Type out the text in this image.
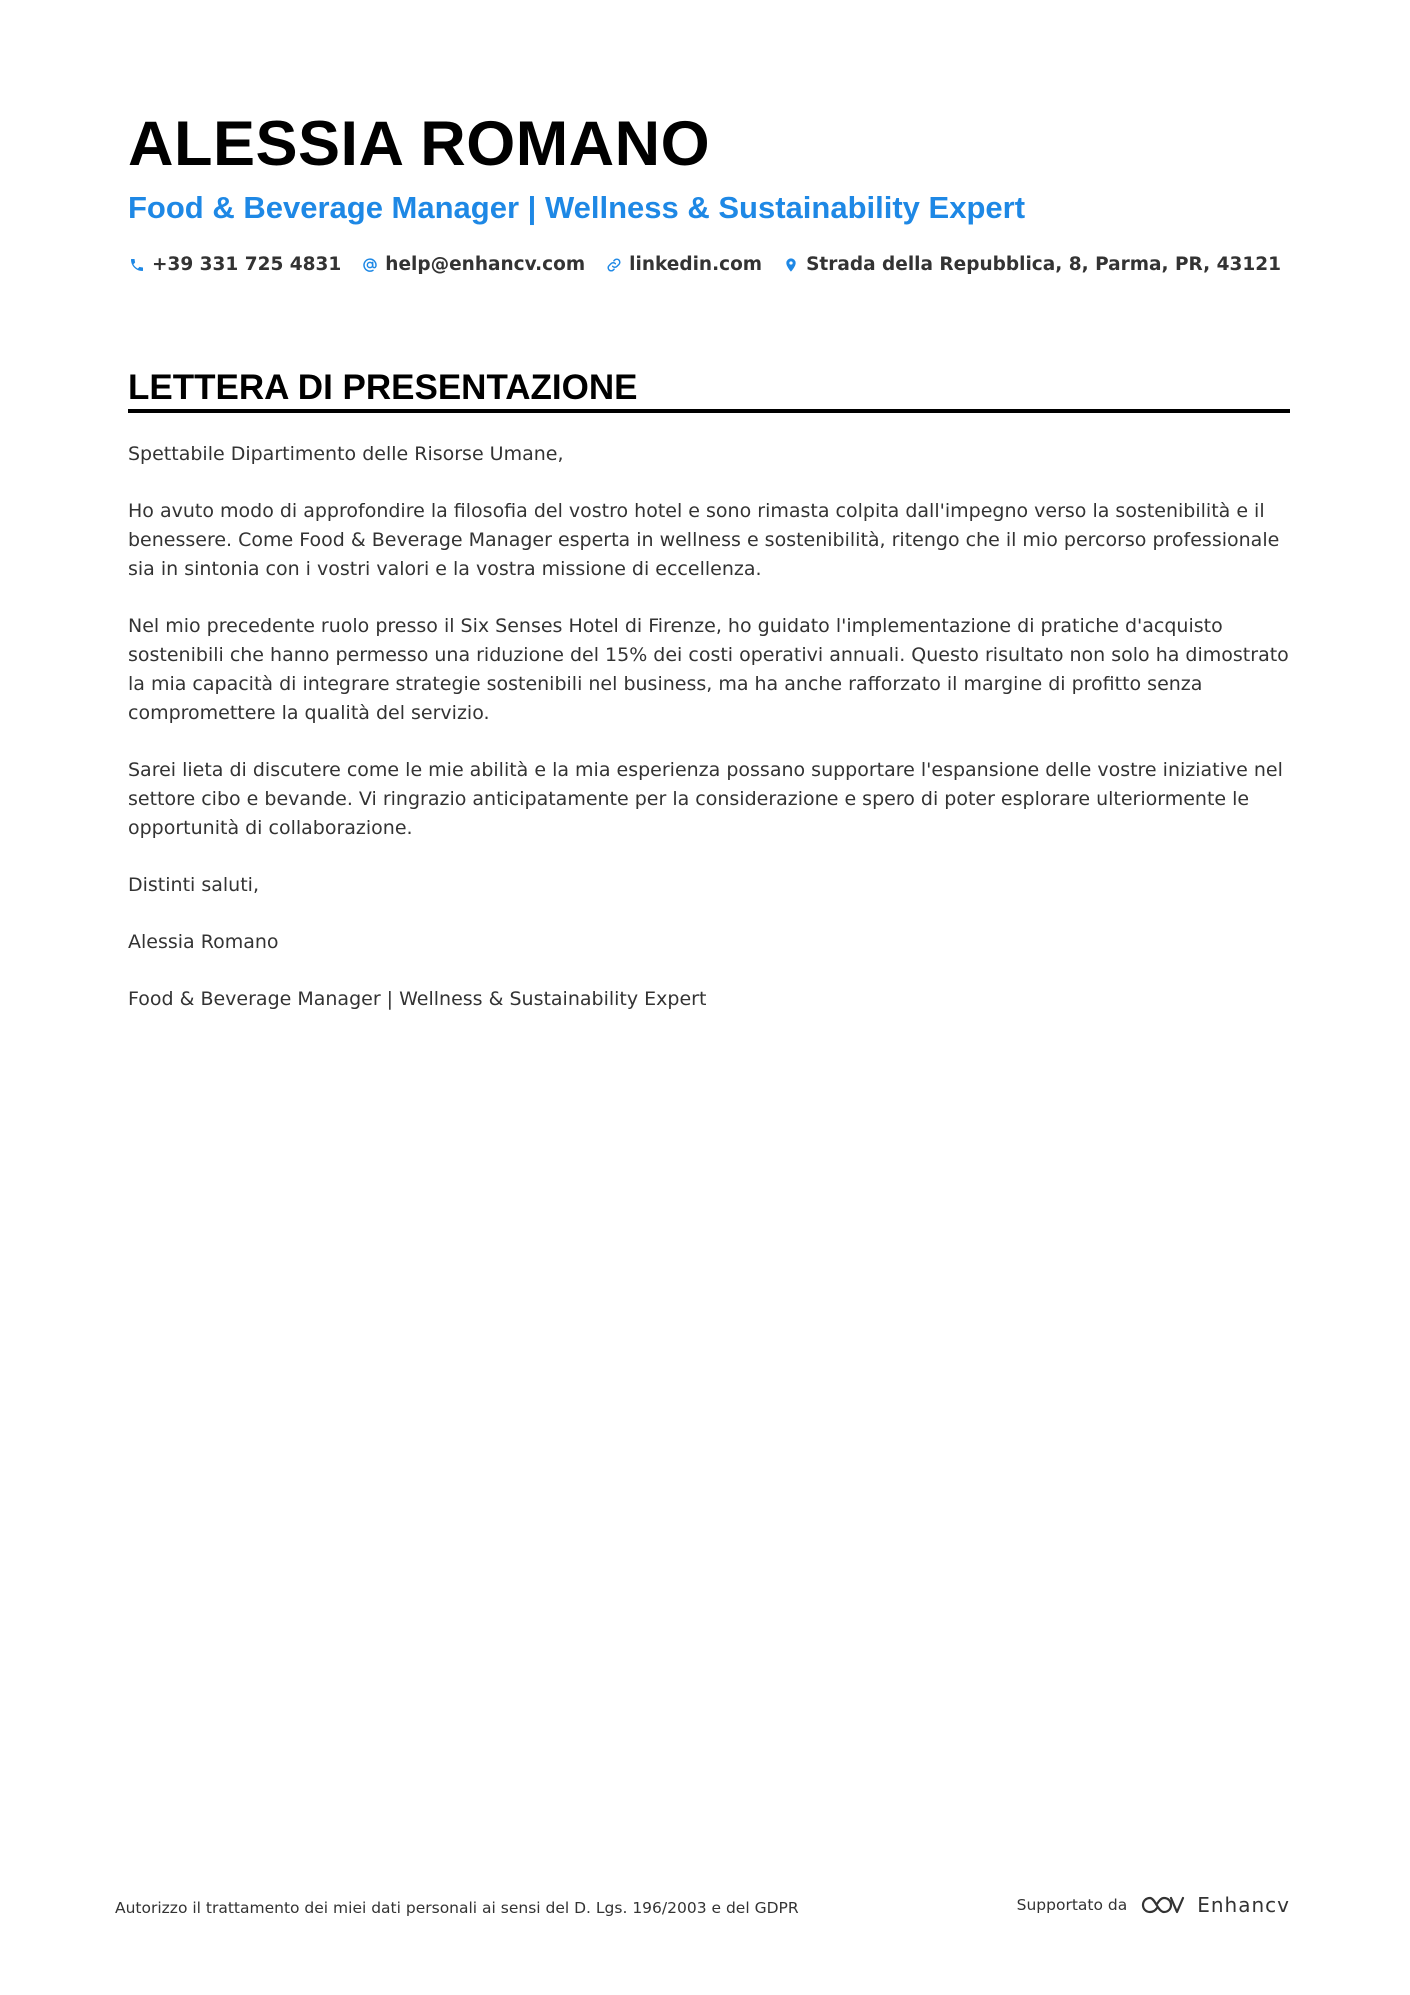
ALESSIA ROMANO
Food & Beverage Manager | Wellness & Sustainability Expert
+39 331 725 4831 help@enhancv.com linkedin.com Strada della Repubblica, 8, Parma, PR, 43121
LETTERA DI PRESENTAZIONE

Spettabile Dipartimento delle Risorse Umane,

Ho avuto modo di approfondire la filosofia del vostro hotel e sono rimasta colpita dall'impegno verso la sostenibilità e il benessere. Come Food & Beverage Manager esperta in wellness e sostenibilità, ritengo che il mio percorso professionale sia in sintonia con i vostri valori e la vostra missione di eccellenza.

Nel mio precedente ruolo presso il Six Senses Hotel di Firenze, ho guidato l'implementazione di pratiche d'acquisto sostenibili che hanno permesso una riduzione del 15% dei costi operativi annuali. Questo risultato non solo ha dimostrato la mia capacità di integrare strategie sostenibili nel business, ma ha anche rafforzato il margine di profitto senza compromettere la qualità del servizio.

Sarei lieta di discutere come le mie abilità e la mia esperienza possano supportare l'espansione delle vostre iniziative nel settore cibo e bevande. Vi ringrazio anticipatamente per la considerazione e spero di poter esplorare ulteriormente le opportunità di collaborazione.

Distinti saluti,

Alessia Romano

Food & Beverage Manager | Wellness & Sustainability Expert

Autorizzo il trattamento dei miei dati personali ai sensi del D. Lgs. 196/2003 e del GDPR	Supportato da	Enhancv
